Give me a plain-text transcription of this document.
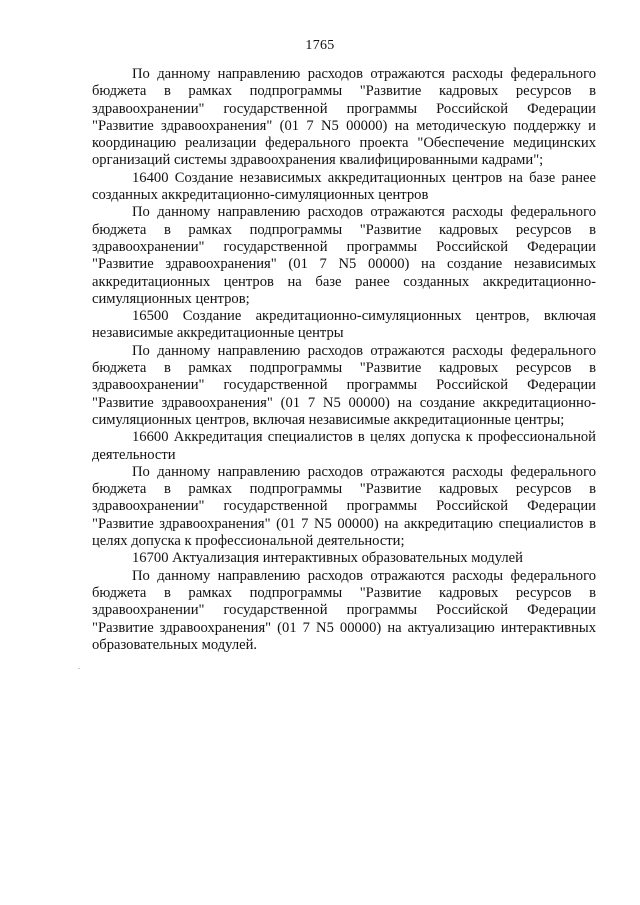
1765

По данному направлению расходов отражаются расходы федерального бюджета в рамках подпрограммы "Развитие кадровых ресурсов в здравоохранении" государственной программы Российской Федерации "Развитие здравоохранения" (01 7 N5 00000) на методическую поддержку и координацию реализации федерального проекта "Обеспечение медицинских организаций системы здравоохранения квалифицированными кадрами";

16400 Создание независимых аккредитационных центров на базе ранее созданных аккредитационно-симуляционных центров

По данному направлению расходов отражаются расходы федерального бюджета в рамках подпрограммы "Развитие кадровых ресурсов в здравоохранении" государственной программы Российской Федерации "Развитие здравоохранения" (01 7 N5 00000) на создание независимых аккредитационных центров на базе ранее созданных аккредитационно-симуляционных центров;

16500 Создание акредитационно-симуляционных центров, включая независимые аккредитационные центры

По данному направлению расходов отражаются расходы федерального бюджета в рамках подпрограммы "Развитие кадровых ресурсов в здравоохранении" государственной программы Российской Федерации "Развитие здравоохранения" (01 7 N5 00000) на создание аккредитационно-симуляционных центров, включая независимые аккредитационные центры;

16600 Аккредитация специалистов в целях допуска к профессиональной деятельности

По данному направлению расходов отражаются расходы федерального бюджета в рамках подпрограммы "Развитие кадровых ресурсов в здравоохранении" государственной программы Российской Федерации "Развитие здравоохранения" (01 7 N5 00000) на аккредитацию специалистов в целях допуска к профессиональной деятельности;

16700 Актуализация интерактивных образовательных модулей

По данному направлению расходов отражаются расходы федерального бюджета в рамках подпрограммы "Развитие кадровых ресурсов в здравоохранении" государственной программы Российской Федерации "Развитие здравоохранения" (01 7 N5 00000) на актуализацию интерактивных образовательных модулей.
